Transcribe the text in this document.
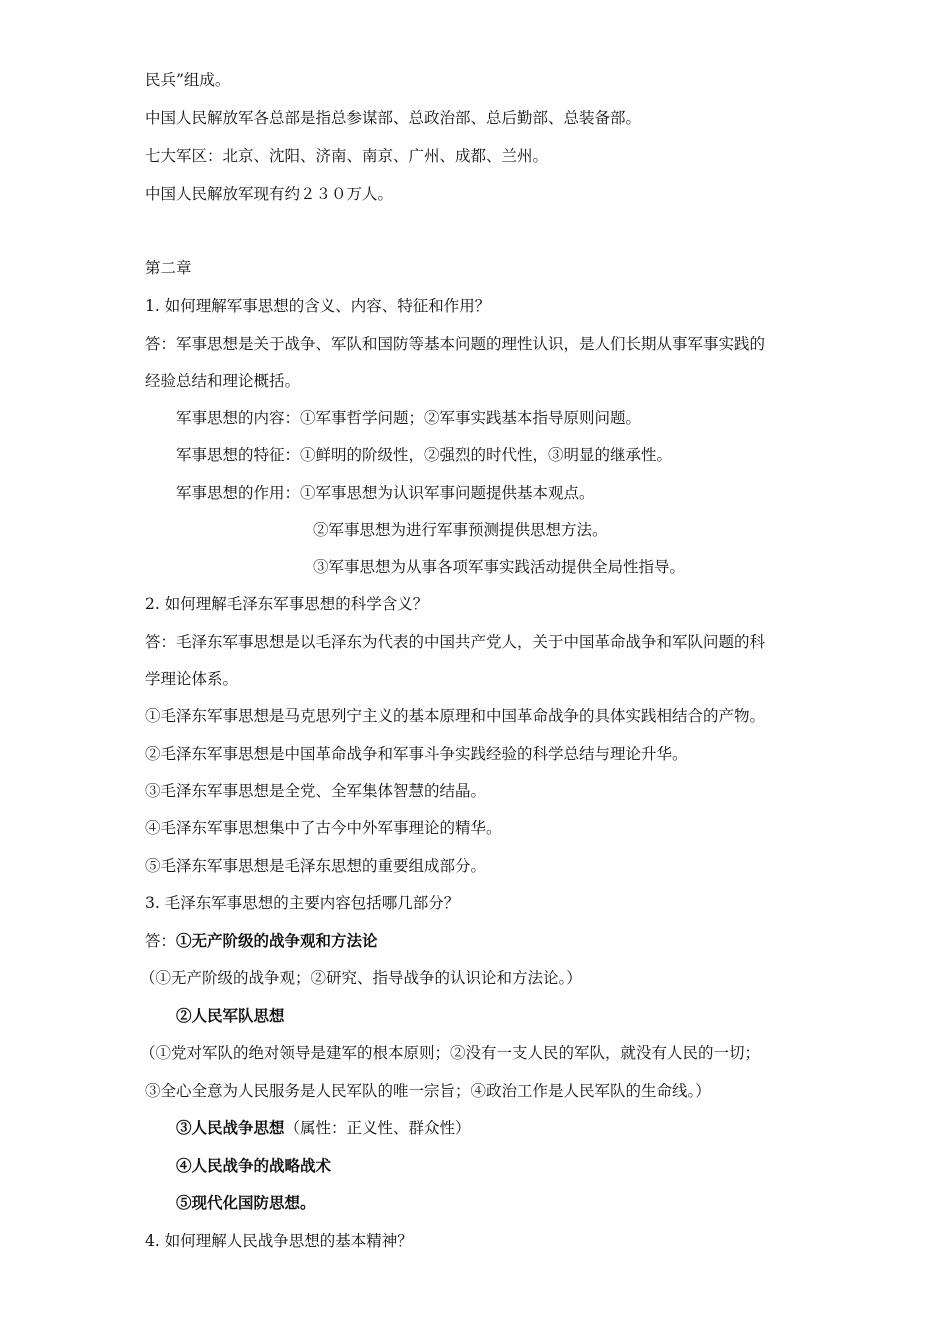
民兵”组成。
中国人民解放军各总部是指总参谋部、总政治部、总后勤部、总装备部。
七大军区：北京、沈阳、济南、南京、广州、成都、兰州。
中国人民解放军现有约２３０万人。
第二章
1. 如何理解军事思想的含义、内容、特征和作用？
答：军事思想是关于战争、军队和国防等基本问题的理性认识，是人们长期从事军事实践的
经验总结和理论概括。
军事思想的内容：①军事哲学问题；②军事实践基本指导原则问题。
军事思想的特征：①鲜明的阶级性，②强烈的时代性，③明显的继承性。
军事思想的作用：①军事思想为认识军事问题提供基本观点。
②军事思想为进行军事预测提供思想方法。
③军事思想为从事各项军事实践活动提供全局性指导。
2. 如何理解毛泽东军事思想的科学含义？
答：毛泽东军事思想是以毛泽东为代表的中国共产党人，关于中国革命战争和军队问题的科
学理论体系。
①毛泽东军事思想是马克思列宁主义的基本原理和中国革命战争的具体实践相结合的产物。
②毛泽东军事思想是中国革命战争和军事斗争实践经验的科学总结与理论升华。
③毛泽东军事思想是全党、全军集体智慧的结晶。
④毛泽东军事思想集中了古今中外军事理论的精华。
⑤毛泽东军事思想是毛泽东思想的重要组成部分。
3. 毛泽东军事思想的主要内容包括哪几部分？
答：①无产阶级的战争观和方法论
（①无产阶级的战争观；②研究、指导战争的认识论和方法论。）
②人民军队思想
（①党对军队的绝对领导是建军的根本原则；②没有一支人民的军队，就没有人民的一切；
③全心全意为人民服务是人民军队的唯一宗旨；④政治工作是人民军队的生命线。）
③人民战争思想（属性：正义性、群众性）
④人民战争的战略战术
⑤现代化国防思想。
4. 如何理解人民战争思想的基本精神？
